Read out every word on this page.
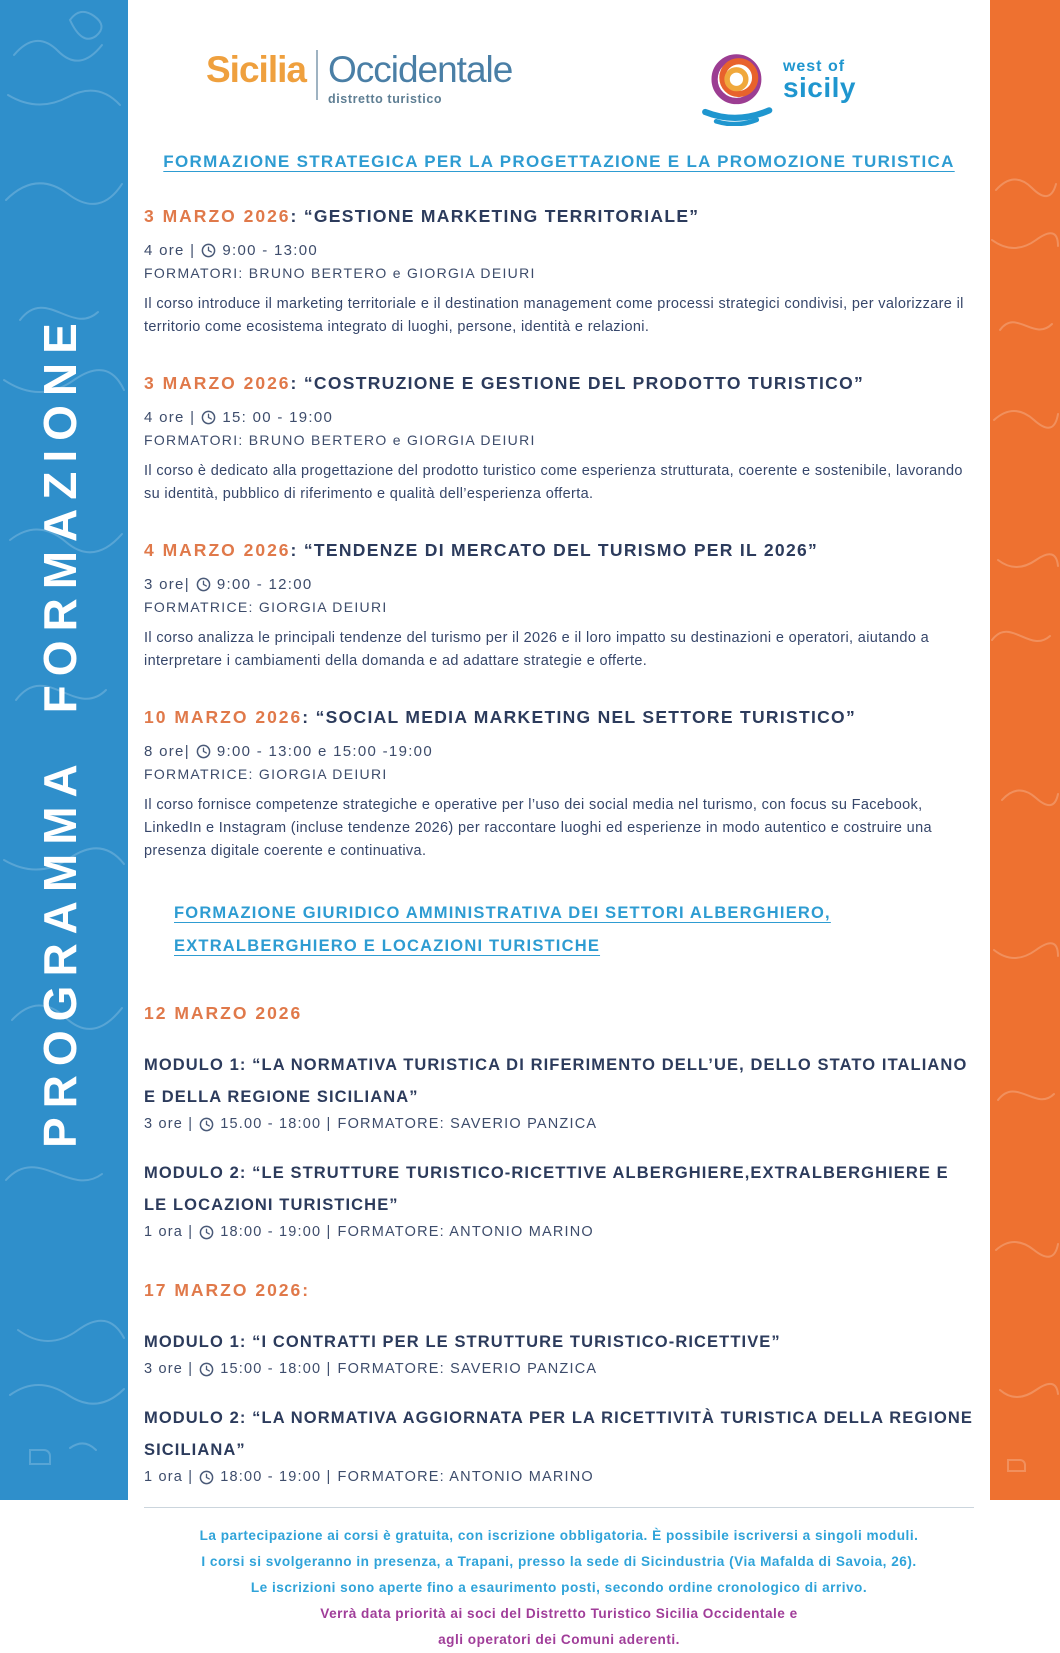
PROGRAMMA  FORMAZIONE
Sicilia Occidentale
distretto turistico
west of
sicily
FORMAZIONE STRATEGICA PER LA PROGETTAZIONE E LA PROMOZIONE TURISTICA
3 MARZO 2026: “GESTIONE MARKETING TERRITORIALE”
4 ore | 9:00 - 13:00
FORMATORI: BRUNO BERTERO e GIORGIA DEIURI
Il corso introduce il marketing territoriale e il destination management come processi strategici condivisi, per valorizzare il territorio come ecosistema integrato di luoghi, persone, identità e relazioni.
3 MARZO 2026: “COSTRUZIONE E GESTIONE DEL PRODOTTO TURISTICO”
4 ore | 15: 00 - 19:00
FORMATORI: BRUNO BERTERO e GIORGIA DEIURI
Il corso è dedicato alla progettazione del prodotto turistico come esperienza strutturata, coerente e sostenibile, lavorando su identità, pubblico di riferimento e qualità dell’esperienza offerta.
4 MARZO 2026: “TENDENZE DI MERCATO DEL TURISMO PER IL 2026”
3 ore| 9:00 - 12:00
FORMATRICE: GIORGIA DEIURI
Il corso analizza le principali tendenze del turismo per il 2026 e il loro impatto su destinazioni e operatori, aiutando a interpretare i cambiamenti della domanda e ad adattare strategie e offerte.
10 MARZO 2026: “SOCIAL MEDIA MARKETING NEL SETTORE TURISTICO”
8 ore| 9:00 - 13:00 e 15:00 -19:00
FORMATRICE: GIORGIA DEIURI
Il corso fornisce competenze strategiche e operative per l’uso dei social media nel turismo, con focus su Facebook, LinkedIn e Instagram (incluse tendenze 2026) per raccontare luoghi ed esperienze in modo autentico e costruire una presenza digitale coerente e continuativa.
FORMAZIONE GIURIDICO AMMINISTRATIVA DEI SETTORI ALBERGHIERO,
EXTRALBERGHIERO E LOCAZIONI TURISTICHE
12 MARZO 2026
MODULO 1: “LA NORMATIVA TURISTICA DI RIFERIMENTO DELL’UE, DELLO STATO ITALIANO E DELLA REGIONE SICILIANA”
3 ore | 15.00 - 18:00 | FORMATORE: SAVERIO PANZICA
MODULO 2: “LE STRUTTURE TURISTICO-RICETTIVE ALBERGHIERE,EXTRALBERGHIERE E LE LOCAZIONI TURISTICHE”
1 ora | 18:00 - 19:00 | FORMATORE: ANTONIO MARINO
17 MARZO 2026:
MODULO 1: “I CONTRATTI PER LE STRUTTURE TURISTICO-RICETTIVE”
3 ore | 15:00 - 18:00 | FORMATORE: SAVERIO PANZICA
MODULO 2: “LA NORMATIVA AGGIORNATA PER LA RICETTIVITÀ TURISTICA DELLA REGIONE SICILIANA”
1 ora | 18:00 - 19:00 | FORMATORE: ANTONIO MARINO

La partecipazione ai corsi è gratuita, con iscrizione obbligatoria. È possibile iscriversi a singoli moduli.

I corsi si svolgeranno in presenza, a Trapani, presso la sede di Sicindustria (Via Mafalda di Savoia, 26).

Le iscrizioni sono aperte fino a esaurimento posti, secondo ordine cronologico di arrivo.

Verrà data priorità ai soci del Distretto Turistico Sicilia Occidentale e

agli operatori dei Comuni aderenti.
